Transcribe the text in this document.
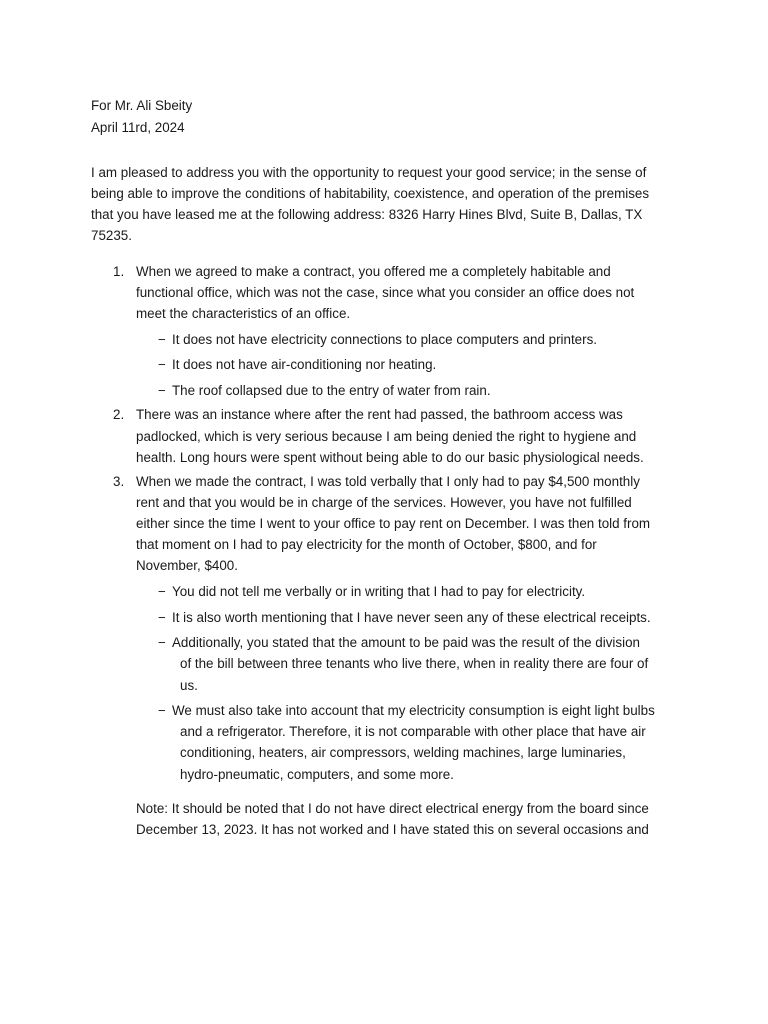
For Mr. Ali Sbeity

April 11rd, 2024

I am pleased to address you with the opportunity to request your good service; in the sense of

being able to improve the conditions of habitability, coexistence, and operation of the premises

that you have leased me at the following address: 8326 Harry Hines Blvd, Suite B, Dallas, TX

75235.

1. When we agreed to make a contract, you offered me a completely habitable and

functional office, which was not the case, since what you consider an office does not

meet the characteristics of an office.

− It does not have electricity connections to place computers and printers.

− It does not have air-conditioning nor heating.

− The roof collapsed due to the entry of water from rain.

2. There was an instance where after the rent had passed, the bathroom access was

padlocked, which is very serious because I am being denied the right to hygiene and

health. Long hours were spent without being able to do our basic physiological needs.

3. When we made the contract, I was told verbally that I only had to pay $4,500 monthly

rent and that you would be in charge of the services. However, you have not fulfilled

either since the time I went to your office to pay rent on December. I was then told from

that moment on I had to pay electricity for the month of October, $800, and for

November, $400.

− You did not tell me verbally or in writing that I had to pay for electricity.

− It is also worth mentioning that I have never seen any of these electrical receipts.

− Additionally, you stated that the amount to be paid was the result of the division

of the bill between three tenants who live there, when in reality there are four of

us.

− We must also take into account that my electricity consumption is eight light bulbs

and a refrigerator. Therefore, it is not comparable with other place that have air

conditioning, heaters, air compressors, welding machines, large luminaries,

hydro-pneumatic, computers, and some more.

Note: It should be noted that I do not have direct electrical energy from the board since

December 13, 2023. It has not worked and I have stated this on several occasions and
